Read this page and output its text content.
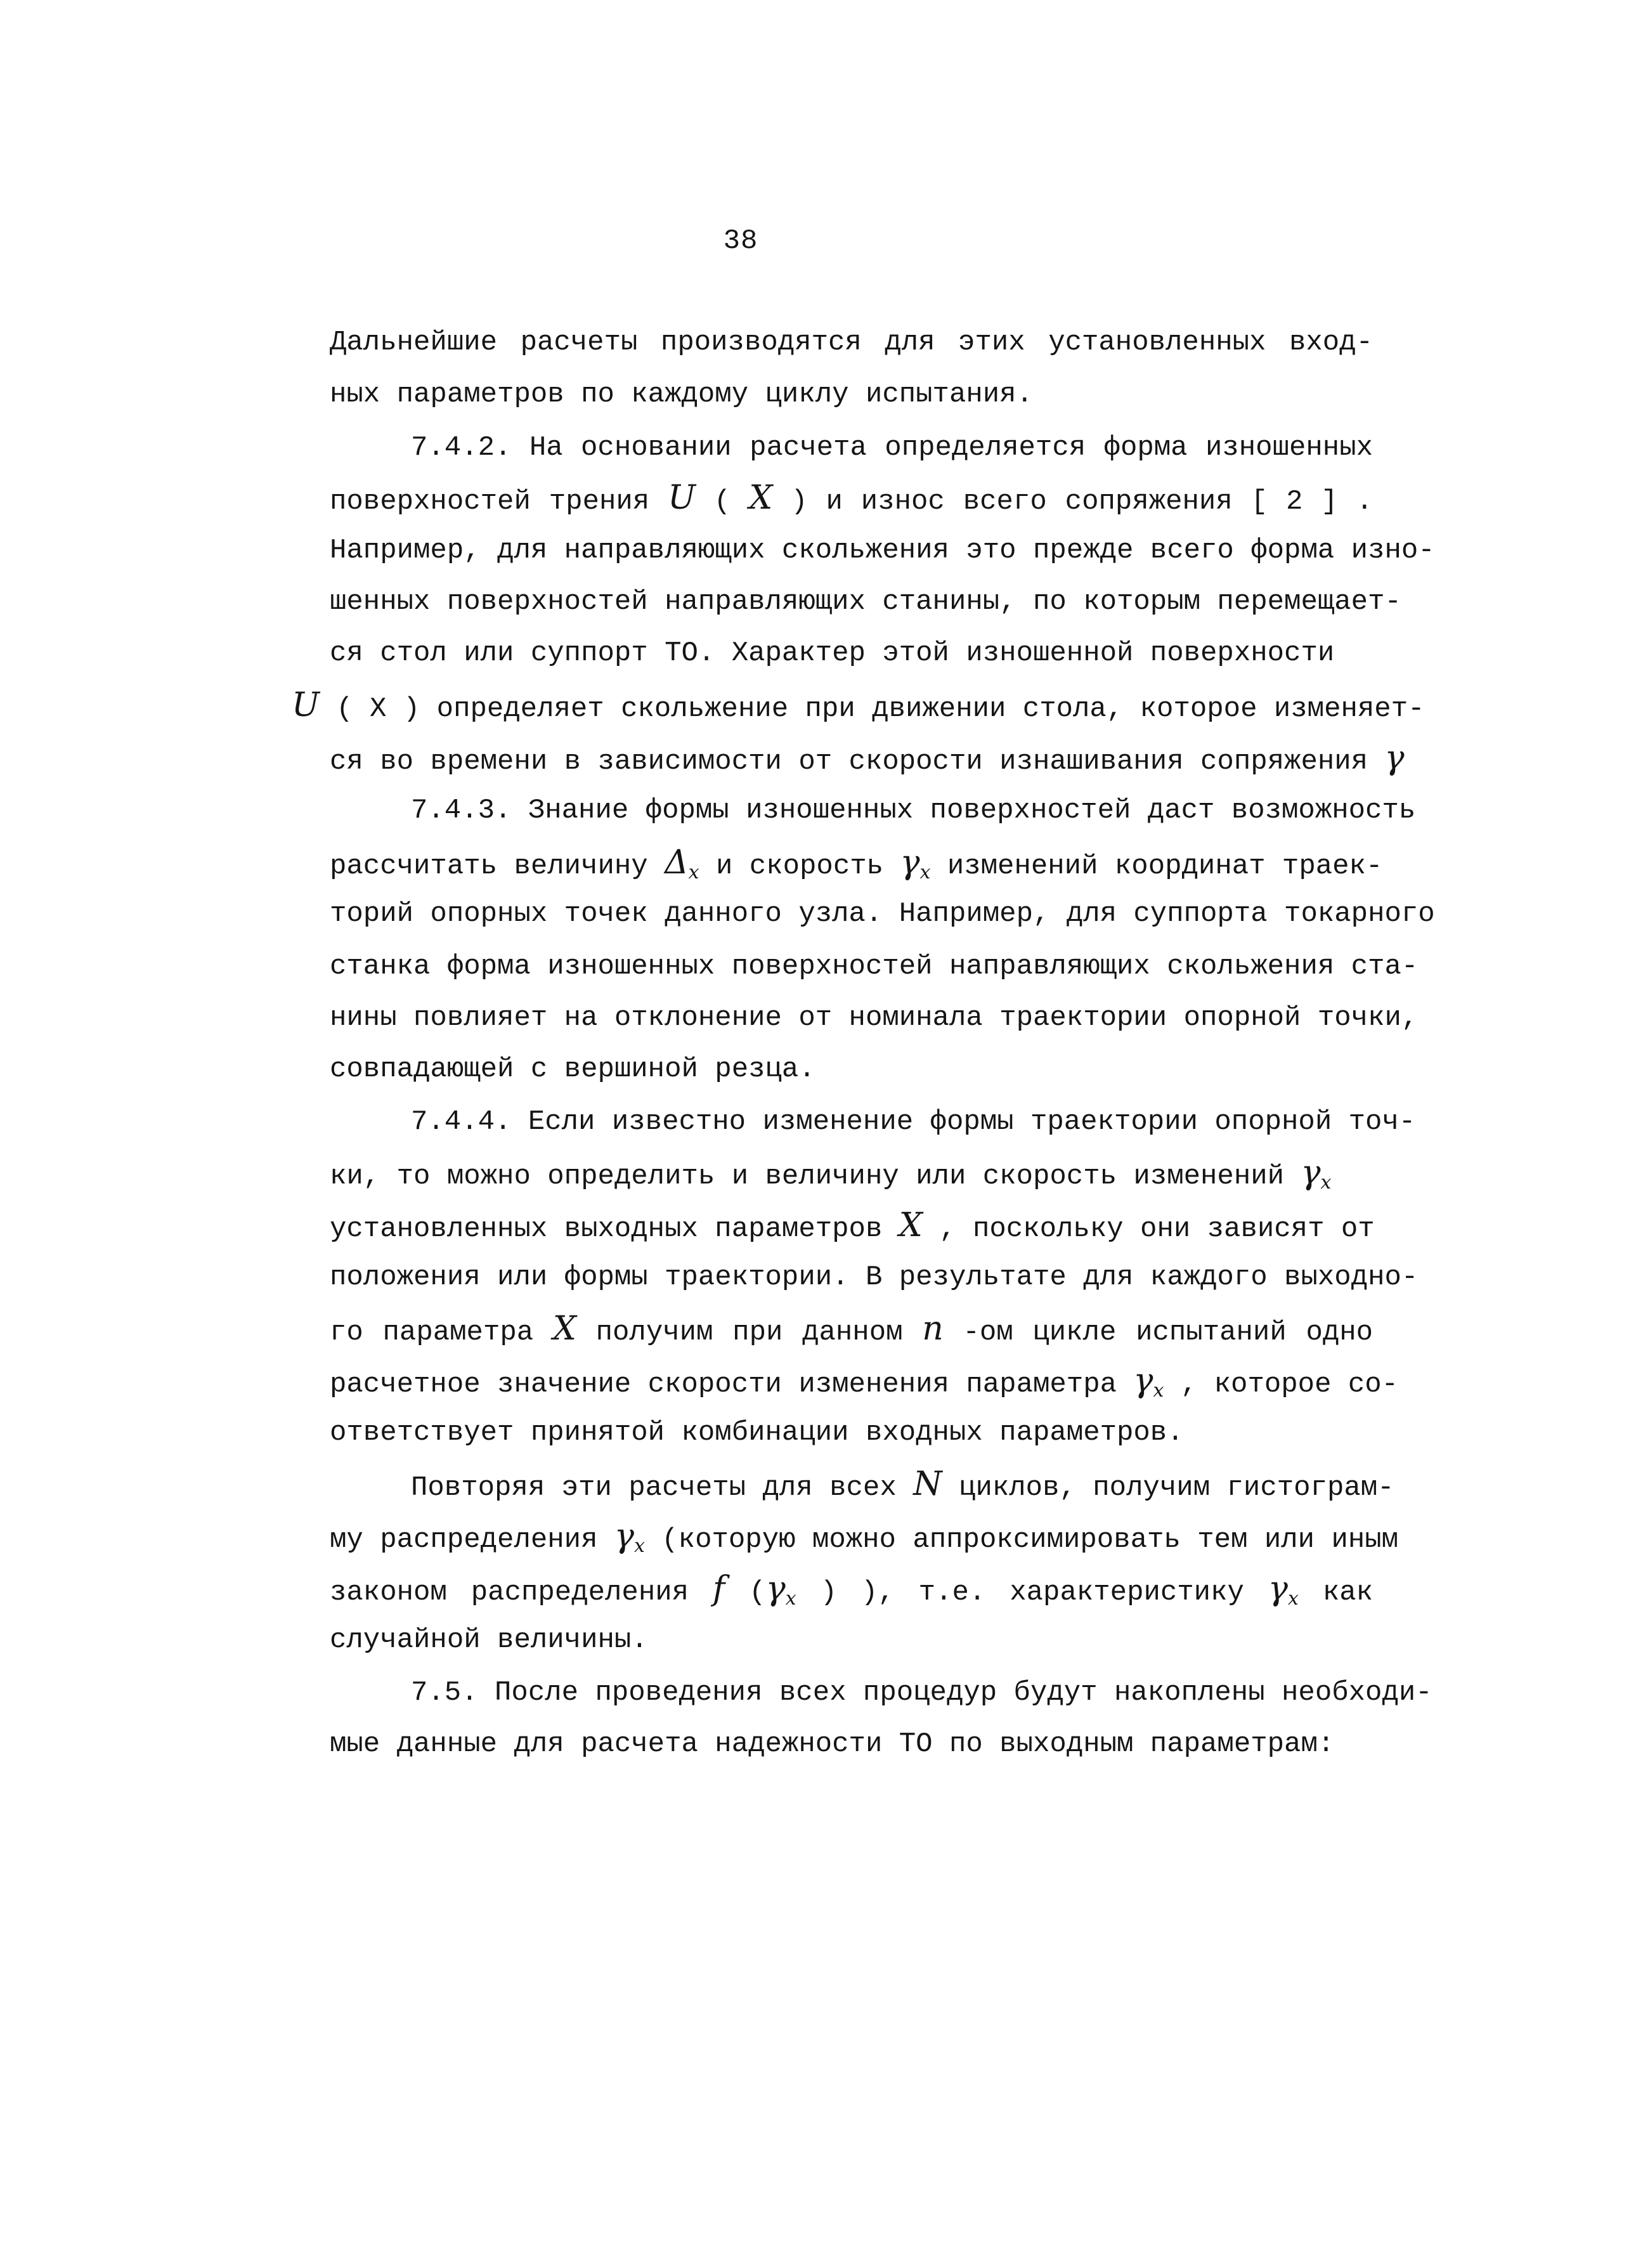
38
Дальнейшие расчеты производятся для этих установленных вход-
ных параметров по каждому циклу испытания.
7.4.2. На основании расчета определяется форма изношенных
поверхностей трения U ( X ) и износ всего сопряжения [ 2 ] .
Например, для направляющих скольжения это прежде всего форма изно-
шенных поверхностей направляющих станины, по которым перемещает-
ся стол или суппорт ТО. Характер этой изношенной поверхности
U ( X ) определяет скольжение при движении стола, которое изменяет-
ся во времени в зависимости от скорости изнашивания сопряжения γ
7.4.3. Знание формы изношенных поверхностей даст возможность
рассчитать величину Δx и скорость γx изменений координат траек-
торий опорных точек данного узла. Например, для суппорта токарного
станка форма изношенных поверхностей направляющих скольжения ста-
нины повлияет на отклонение от номинала траектории опорной точки,
совпадающей с вершиной резца.
7.4.4. Если известно изменение формы траектории опорной точ-
ки, то можно определить и величину или скорость изменений γx
установленных выходных параметров X , поскольку они зависят от
положения или формы траектории. В результате для каждого выходно-
го параметра X получим при данном n -ом цикле испытаний одно
расчетное значение скорости изменения параметра γx , которое со-
ответствует принятой комбинации входных параметров.
Повторяя эти расчеты для всех N циклов, получим гистограм-
му распределения γx (которую можно аппроксимировать тем или иным
законом распределения f (γx ) ), т.е. характеристику γx как
случайной величины.
7.5. После проведения всех процедур будут накоплены необходи-
мые данные для расчета надежности ТО по выходным параметрам:
